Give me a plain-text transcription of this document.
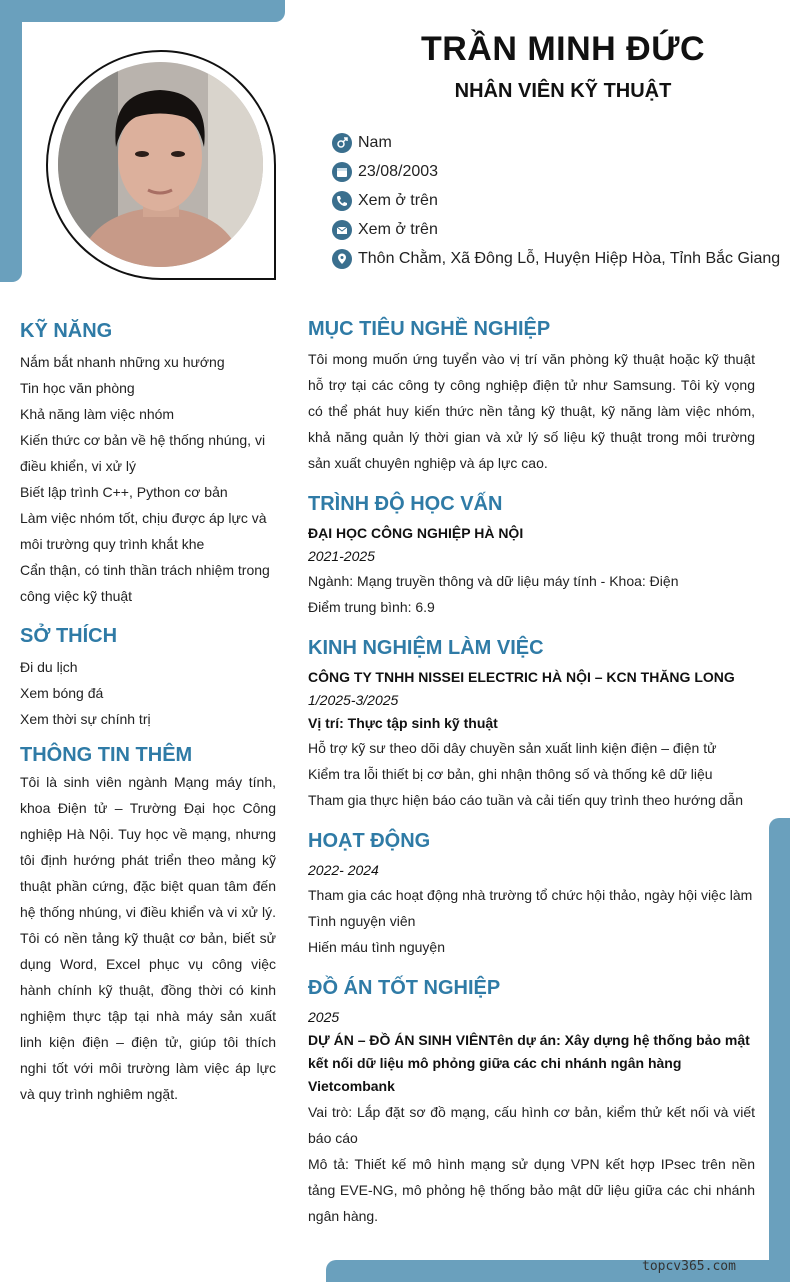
TRẦN MINH ĐỨC
NHÂN VIÊN KỸ THUẬT
Nam
23/08/2003
Xem ở trên
Xem ở trên
Thôn Chằm, Xã Đông Lỗ, Huyện Hiệp Hòa, Tỉnh Bắc Giang
KỸ NĂNG
Nắm bắt nhanh những xu hướng
Tin học văn phòng
Khả năng làm việc nhóm
Kiến thức cơ bản về hệ thống nhúng, vi điều khiển, vi xử lý
Biết lập trình C++, Python cơ bản
Làm việc nhóm tốt, chịu được áp lực và môi trường quy trình khắt khe
Cẩn thận, có tinh thần trách nhiệm trong công việc kỹ thuật
SỞ THÍCH
Đi du lịch
Xem bóng đá
Xem thời sự chính trị
THÔNG TIN THÊM
Tôi là sinh viên ngành Mạng máy tính, khoa Điện tử – Trường Đại học Công nghiệp Hà Nội. Tuy học về mạng, nhưng tôi định hướng phát triển theo mảng kỹ thuật phần cứng, đặc biệt quan tâm đến hệ thống nhúng, vi điều khiển và vi xử lý. Tôi có nền tảng kỹ thuật cơ bản, biết sử dụng Word, Excel phục vụ công việc hành chính kỹ thuật, đồng thời có kinh nghiệm thực tập tại nhà máy sản xuất linh kiện điện – điện tử, giúp tôi thích nghi tốt với môi trường làm việc áp lực và quy trình nghiêm ngặt.
MỤC TIÊU NGHỀ NGHIỆP
Tôi mong muốn ứng tuyển vào vị trí văn phòng kỹ thuật hoặc kỹ thuật hỗ trợ tại các công ty công nghiệp điện tử như Samsung. Tôi kỳ vọng có thể phát huy kiến thức nền tảng kỹ thuật, kỹ năng làm việc nhóm, khả năng quản lý thời gian và xử lý số liệu kỹ thuật trong môi trường sản xuất chuyên nghiệp và áp lực cao.
TRÌNH ĐỘ HỌC VẤN
ĐẠI HỌC CÔNG NGHIỆP HÀ NỘI
2021-2025
Ngành: Mạng truyền thông và dữ liệu máy tính - Khoa: Điện
Điểm trung bình: 6.9
KINH NGHIỆM LÀM VIỆC
CÔNG TY TNHH NISSEI ELECTRIC HÀ NỘI – KCN THĂNG LONG
1/2025-3/2025
Vị trí: Thực tập sinh kỹ thuật
Hỗ trợ kỹ sư theo dõi dây chuyền sản xuất linh kiện điện – điện tử
Kiểm tra lỗi thiết bị cơ bản, ghi nhận thông số và thống kê dữ liệu
Tham gia thực hiện báo cáo tuần và cải tiến quy trình theo hướng dẫn
HOẠT ĐỘNG
2022- 2024
Tham gia các hoạt động nhà trường tổ chức hội thảo, ngày hội việc làm
Tình nguyện viên
Hiến máu tình nguyện
ĐỒ ÁN TỐT NGHIỆP
2025
DỰ ÁN – ĐỒ ÁN SINH VIÊNTên dự án: Xây dựng hệ thống bảo mật kết nối dữ liệu mô phỏng giữa các chi nhánh ngân hàng Vietcombank
Vai trò: Lắp đặt sơ đồ mạng, cấu hình cơ bản, kiểm thử kết nối và viết báo cáo
Mô tả: Thiết kế mô hình mạng sử dụng VPN kết hợp IPsec trên nền tảng EVE-NG, mô phỏng hệ thống bảo mật dữ liệu giữa các chi nhánh ngân hàng.
topcv365.com
